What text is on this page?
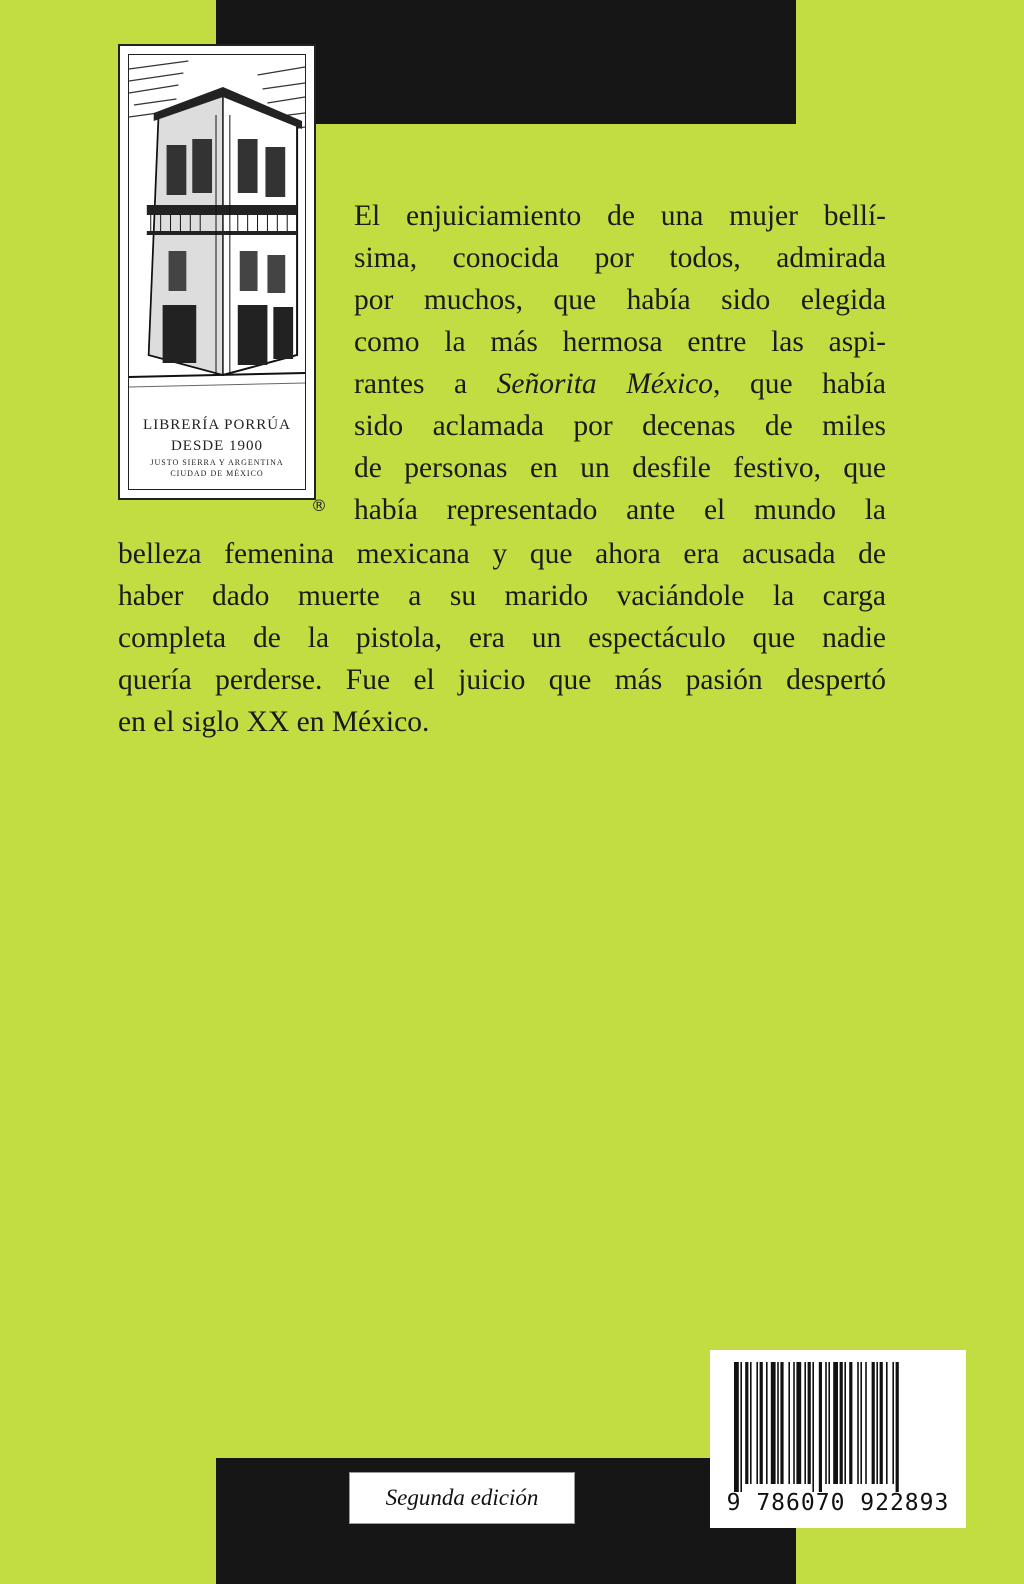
LIBRERÍA PORRÚA
DESDE 1900
JUSTO SIERRA Y ARGENTINA
CIUDAD DE MÉXICO
®
El enjuiciamiento de una mujer bellí-
sima, conocida por todos, admirada
por muchos, que había sido elegida
como la más hermosa entre las aspi-
rantes a Señorita México, que había
sido aclamada por decenas de miles
de personas en un desfile festivo, que
había representado ante el mundo la
belleza femenina mexicana y que ahora era acusada de
haber dado muerte a su marido vaciándole la carga
completa de la pistola, era un espectáculo que nadie
quería perderse. Fue el juicio que más pasión despertó
en el siglo XX en México.
Segunda edición	9 786070 922893
